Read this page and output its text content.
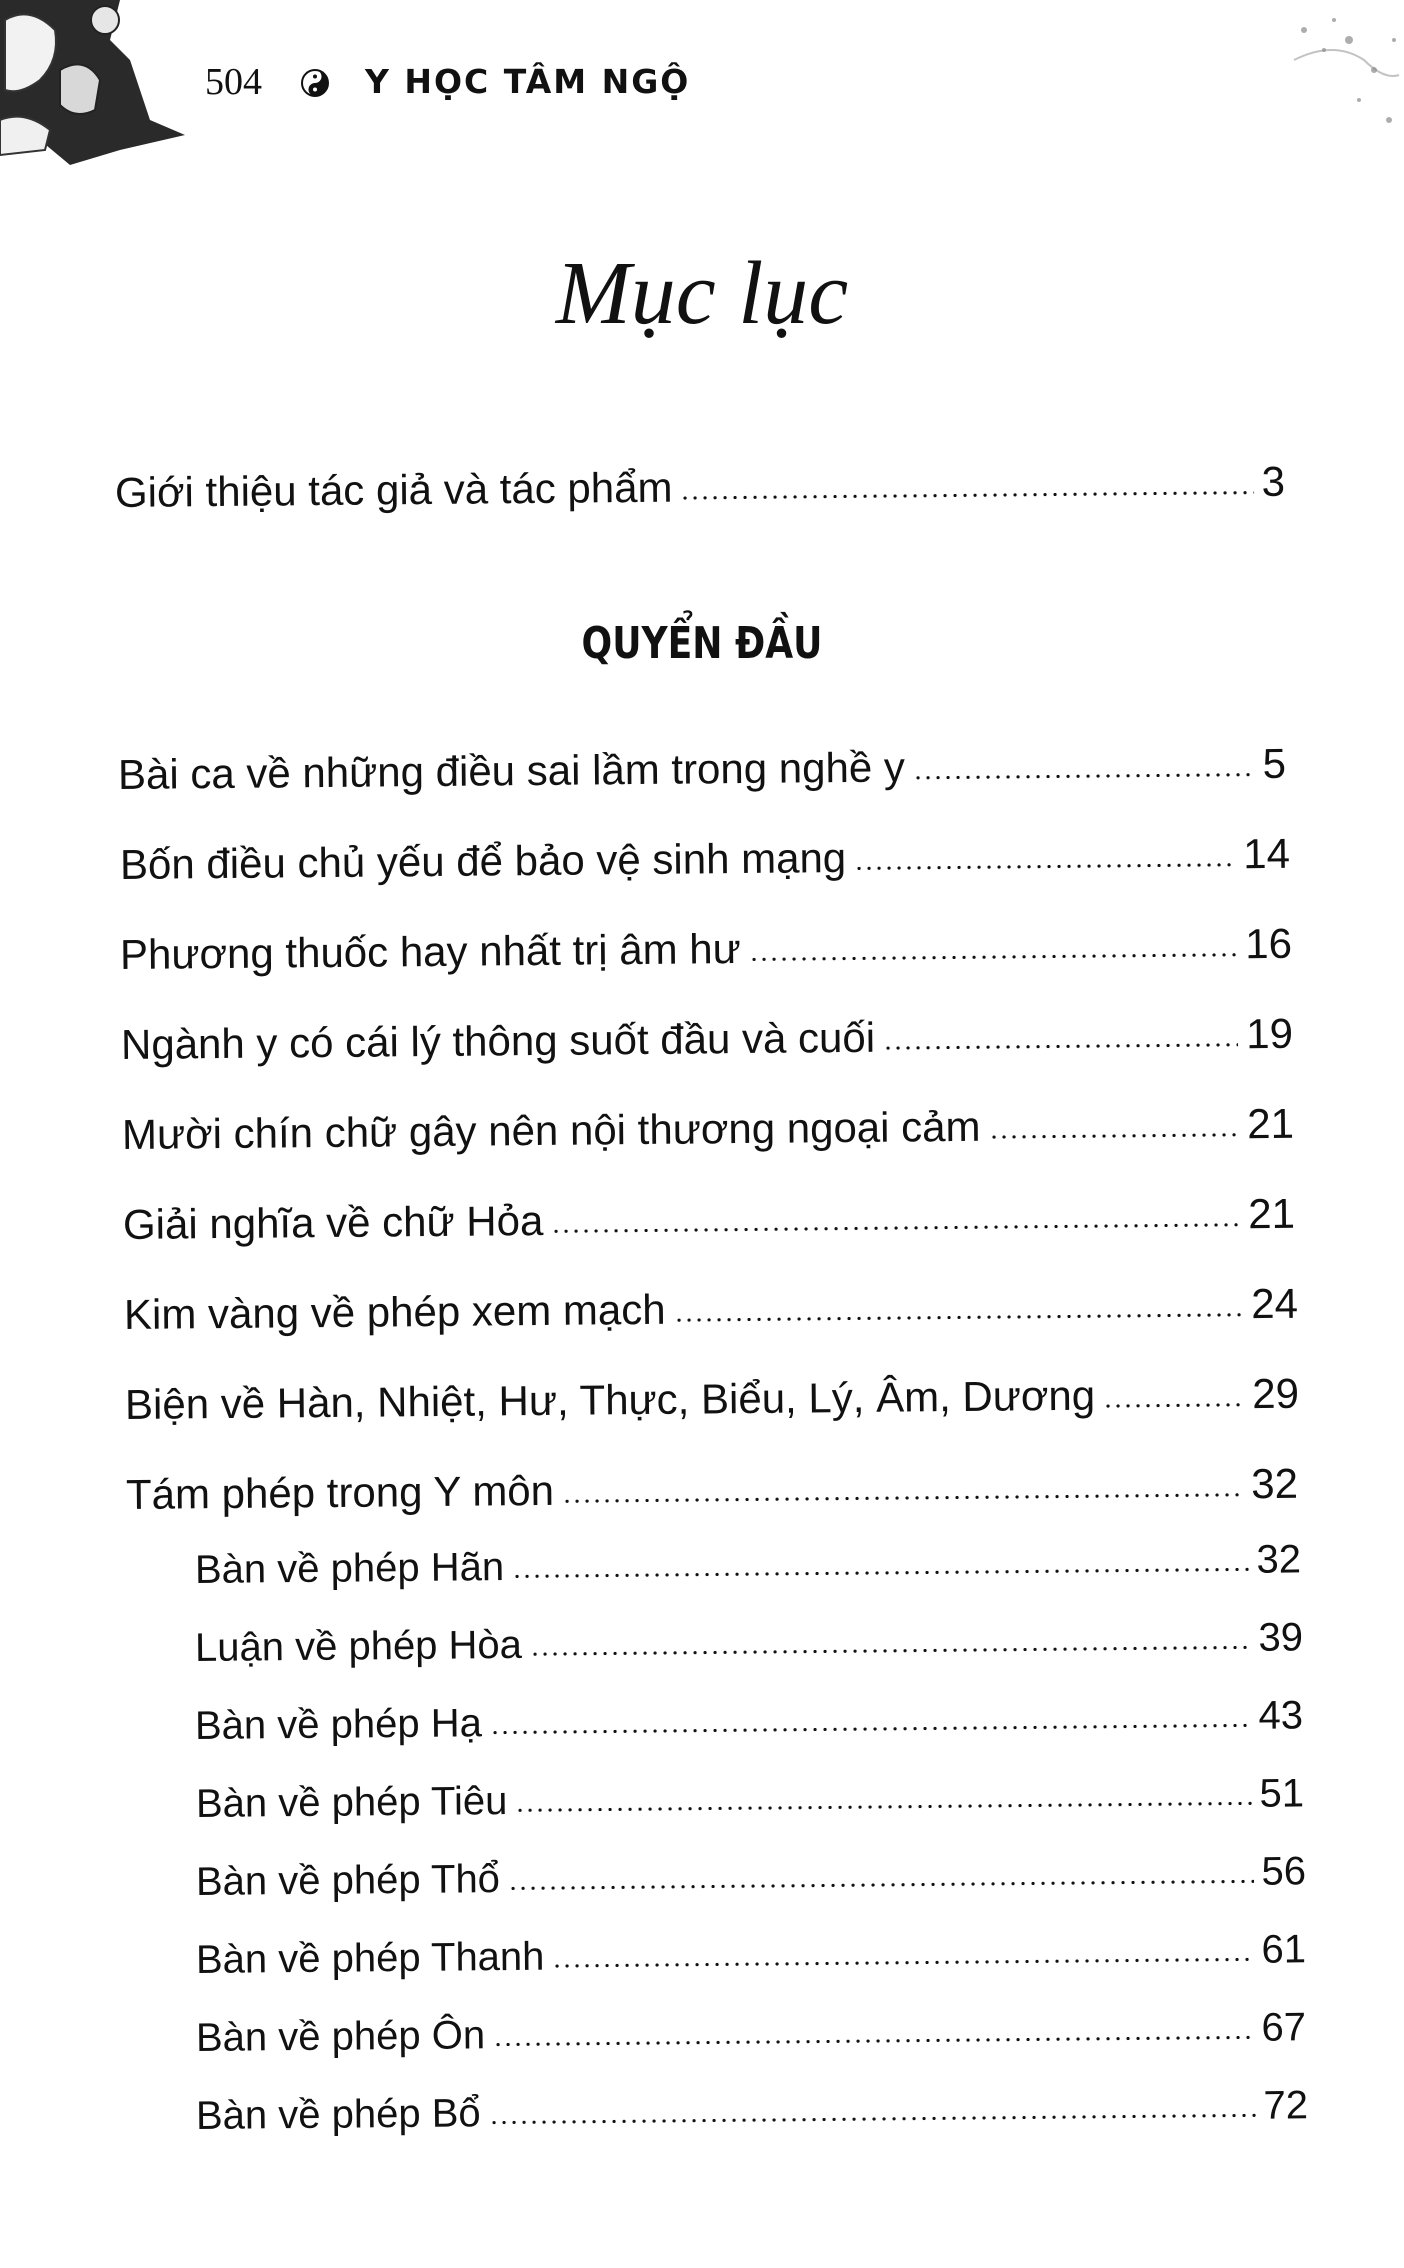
504	Y HỌC TÂM NGỘ
Mục lục
Giới thiệu tác giả và tác phẩm	3
QUYỂN ĐẦU
Bài ca về những điều sai lầm trong nghề y	5
Bốn điều chủ yếu để bảo vệ sinh mạng	14
Phương thuốc hay nhất trị âm hư	16
Ngành y có cái lý thông suốt đầu và cuối	19
Mười chín chữ gây nên nội thương ngoại cảm	21
Giải nghĩa về chữ Hỏa	21
Kim vàng về phép xem mạch	24
Biện về Hàn, Nhiệt, Hư, Thực, Biểu, Lý, Âm, Dương	29
Tám phép trong Y môn	32
Bàn về phép Hãn	32
Luận về phép Hòa	39
Bàn về phép Hạ	43
Bàn về phép Tiêu	51
Bàn về phép Thổ	56
Bàn về phép Thanh	61
Bàn về phép Ôn	67
Bàn về phép Bổ	72
